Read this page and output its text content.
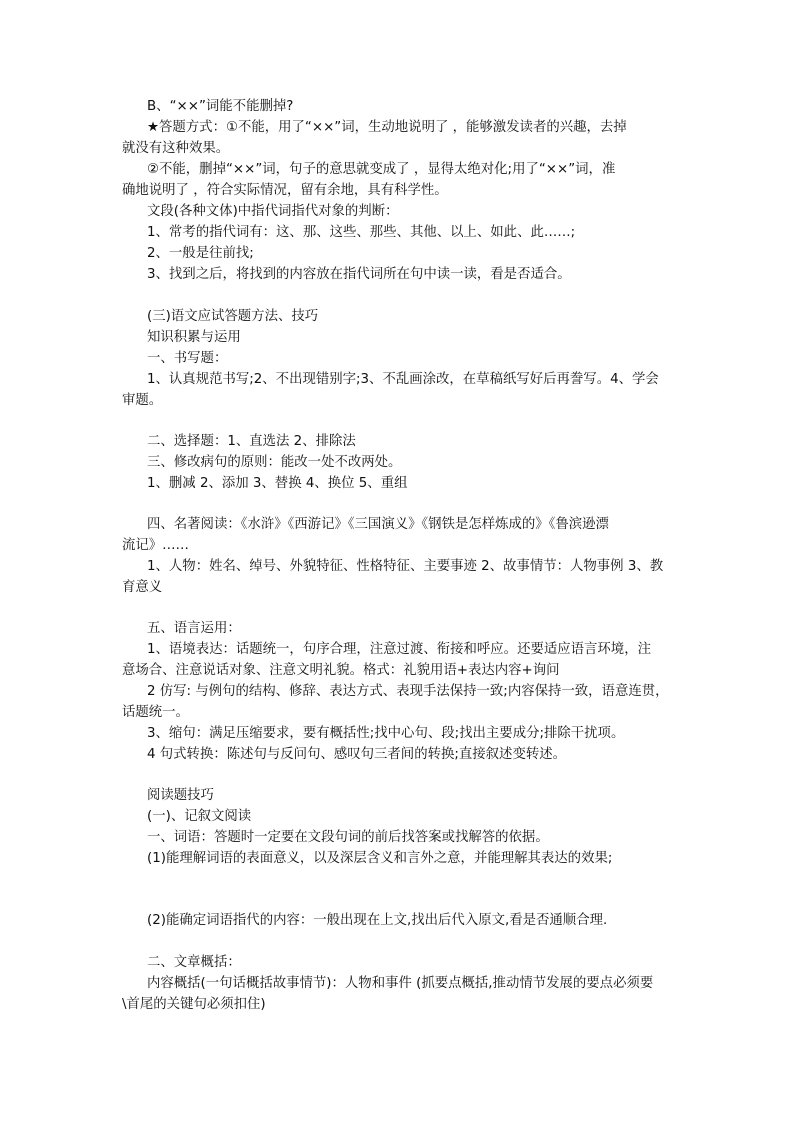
B、“××”词能不能删掉?
★答题方式：①不能，用了“××”词，生动地说明了 ，能够激发读者的兴趣，去掉
就没有这种效果。
②不能，删掉“××”词，句子的意思就变成了 ，显得太绝对化;用了“××”词，准
确地说明了 ，符合实际情况，留有余地，具有科学性。
文段(各种文体)中指代词指代对象的判断：
1、常考的指代词有：这、那、这些、那些、其他、以上、如此、此……;
2、一般是往前找;
3、找到之后，将找到的内容放在指代词所在句中读一读，看是否适合。
(三)语文应试答题方法、技巧
知识积累与运用
一、书写题：
1、认真规范书写;2、不出现错别字;3、不乱画涂改，在草稿纸写好后再誊写。4、学会
审题。
二、选择题：1、直选法 2、排除法
三、修改病句的原则：能改一处不改两处。
1、删减 2、添加 3、替换 4、换位 5、重组
四、名著阅读：《水浒》《西游记》《三国演义》《钢铁是怎样炼成的》《鲁滨逊漂
流记》……
1、人物：姓名、绰号、外貌特征、性格特征、主要事迹 2、故事情节：人物事例 3、教
育意义
五、语言运用：
1、语境表达：话题统一，句序合理，注意过渡、衔接和呼应。还要适应语言环境，注
意场合、注意说话对象、注意文明礼貌。格式：礼貌用语+表达内容+询问
2 仿写: 与例句的结构、修辞、表达方式、表现手法保持一致;内容保持一致，语意连贯，
话题统一。
3、缩句：满足压缩要求，要有概括性;找中心句、段;找出主要成分;排除干扰项。
4 句式转换：陈述句与反问句、感叹句三者间的转换;直接叙述变转述。
阅读题技巧
(一)、记叙文阅读
一、词语：答题时一定要在文段句词的前后找答案或找解答的依据。
(1)能理解词语的表面意义，以及深层含义和言外之意，并能理解其表达的效果;
(2)能确定词语指代的内容：一般出现在上文,找出后代入原文,看是否通顺合理.
二、文章概括：
内容概括(一句话概括故事情节)：人物和事件 (抓要点概括,推动情节发展的要点必须要
\首尾的关键句必须扣住)
